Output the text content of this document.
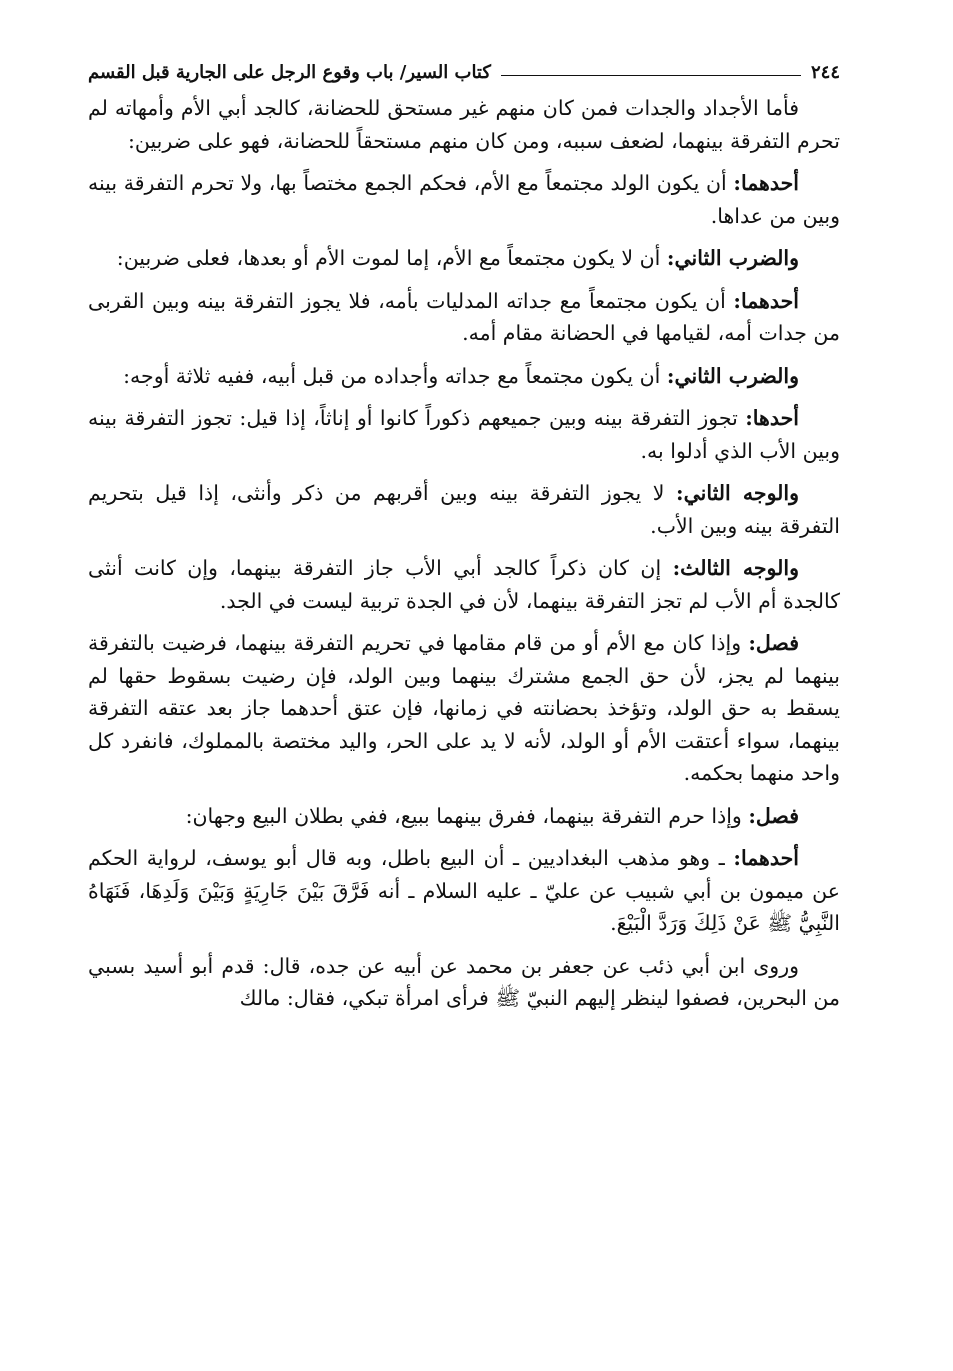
٢٤٤
كتاب السير/ باب وقوع الرجل على الجارية قبل القسم

فأما الأجداد والجدات فمن كان منهم غير مستحق للحضانة، كالجد أبي الأم وأمهاته لم تحرم التفرقة بينهما، لضعف سببه، ومن كان منهم مستحقاً للحضانة، فهو على ضربين:

أحدهما: أن يكون الولد مجتمعاً مع الأم، فحكم الجمع مختصاً بها، ولا تحرم التفرقة بينه وبين من عداها.

والضرب الثاني: أن لا يكون مجتمعاً مع الأم، إما لموت الأم أو بعدها، فعلى ضربين:

أحدهما: أن يكون مجتمعاً مع جداته المدليات بأمه، فلا يجوز التفرقة بينه وبين القربى من جدات أمه، لقيامها في الحضانة مقام أمه.

والضرب الثاني: أن يكون مجتمعاً مع جداته وأجداده من قبل أبيه، ففيه ثلاثة أوجه:

أحدها: تجوز التفرقة بينه وبين جميعهم ذكوراً كانوا أو إناثاً، إذا قيل: تجوز التفرقة بينه وبين الأب الذي أدلوا به.

والوجه الثاني: لا يجوز التفرقة بينه وبين أقربهم من ذكر وأنثى، إذا قيل بتحريم التفرقة بينه وبين الأب.

والوجه الثالث: إن كان ذكراً كالجد أبي الأب جاز التفرقة بينهما، وإن كانت أنثى كالجدة أم الأب لم تجز التفرقة بينهما، لأن في الجدة تربية ليست في الجد.

فصل: وإذا كان مع الأم أو من قام مقامها في تحريم التفرقة بينهما، فرضيت بالتفرقة بينهما لم يجز، لأن حق الجمع مشترك بينهما وبين الولد، فإن رضيت بسقوط حقها لم يسقط به حق الولد، وتؤخذ بحضانته في زمانها، فإن عتق أحدهما جاز بعد عتقه التفرقة بينهما، سواء أعتقت الأم أو الولد، لأنه لا يد على الحر، واليد مختصة بالمملوك، فانفرد كل واحد منهما بحكمه.

فصل: وإذا حرم التفرقة بينهما، ففرق بينهما ببيع، ففي بطلان البيع وجهان:

أحدهما: ـ وهو مذهب البغداديين ـ أن البيع باطل، وبه قال أبو يوسف، لرواية الحكم عن ميمون بن أبي شبيب عن عليّ ـ عليه السلام ـ أنه فَرَّقَ بَيْنَ جَارِيَةٍ وَبَيْنَ وَلَدِهَا، فَنَهَاهُ النَّبِيُّ ﷺ عَنْ ذَلِكَ وَرَدَّ الْبَيْعَ.

وروى ابن أبي ذئب عن جعفر بن محمد عن أبيه عن جده، قال: قدم أبو أسيد بسبي من البحرين، فصفوا لينظر إليهم النبيّ ﷺ فرأى امرأة تبكي، فقال: مالك
